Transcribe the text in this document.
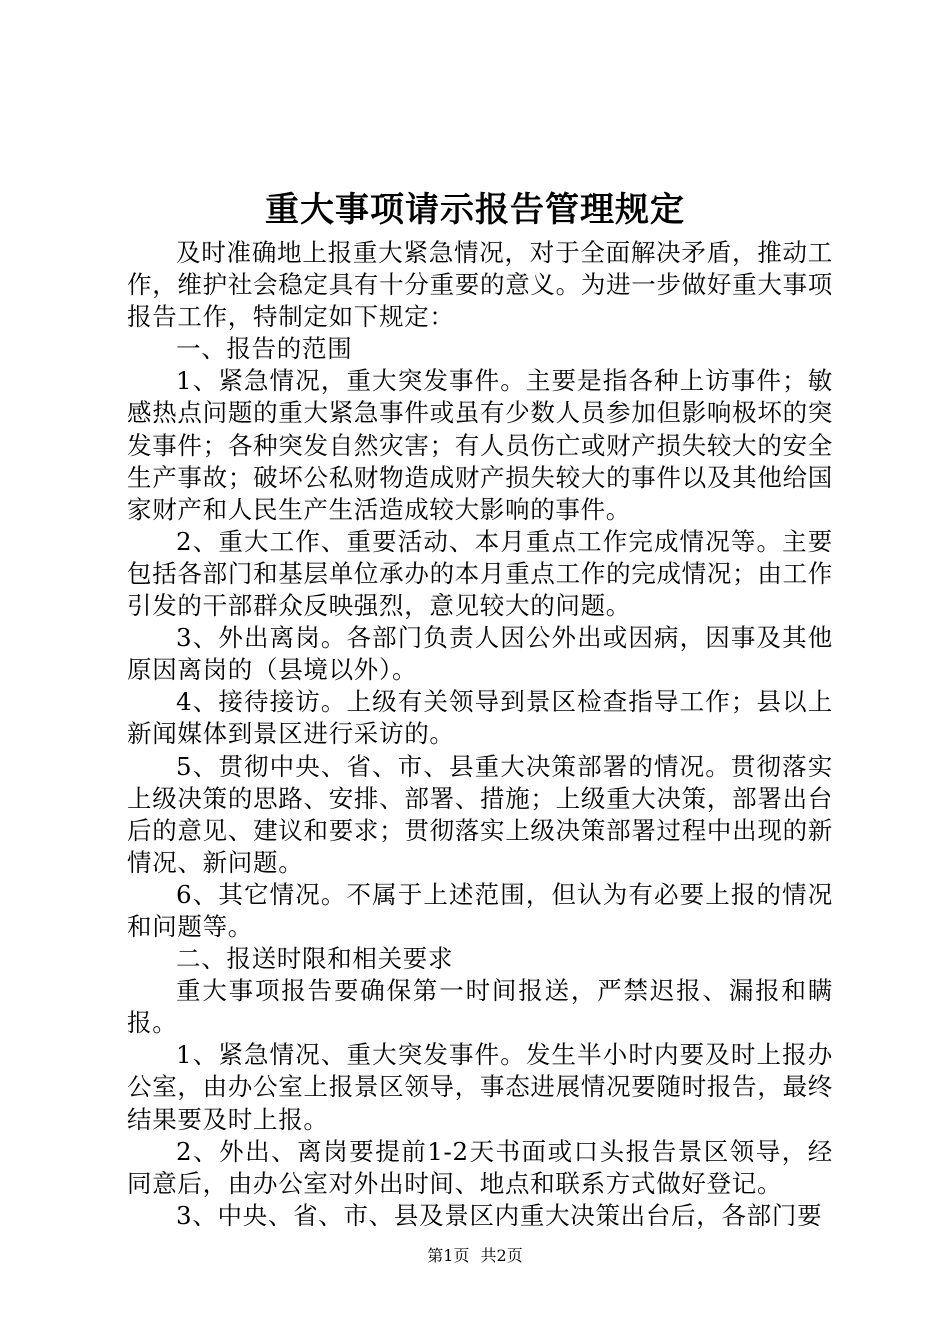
重大事项请示报告管理规定

及时准确地上报重大紧急情况，对于全面解决矛盾，推动工作，维护社会稳定具有十分重要的意义。为进一步做好重大事项报告工作，特制定如下规定：

一、报告的范围

1、紧急情况，重大突发事件。主要是指各种上访事件；敏感热点问题的重大紧急事件或虽有少数人员参加但影响极坏的突发事件；各种突发自然灾害；有人员伤亡或财产损失较大的安全生产事故；破坏公私财物造成财产损失较大的事件以及其他给国家财产和人民生产生活造成较大影响的事件。

2、重大工作、重要活动、本月重点工作完成情况等。主要包括各部门和基层单位承办的本月重点工作的完成情况；由工作引发的干部群众反映强烈，意见较大的问题。

3、外出离岗。各部门负责人因公外出或因病，因事及其他原因离岗的（县境以外）。

4、接待接访。上级有关领导到景区检查指导工作；县以上新闻媒体到景区进行采访的。

5、贯彻中央、省、市、县重大决策部署的情况。贯彻落实上级决策的思路、安排、部署、措施；上级重大决策，部署出台后的意见、建议和要求；贯彻落实上级决策部署过程中出现的新情况、新问题。

6、其它情况。不属于上述范围，但认为有必要上报的情况和问题等。

二、报送时限和相关要求

重大事项报告要确保第一时间报送，严禁迟报、漏报和瞒报。

1、紧急情况、重大突发事件。发生半小时内要及时上报办公室，由办公室上报景区领导，事态进展情况要随时报告，最终结果要及时上报。

2、外出、离岗要提前1-2天书面或口头报告景区领导，经同意后，由办公室对外出时间、地点和联系方式做好登记。

3、中央、省、市、县及景区内重大决策出台后，各部门要

第1页 共2页
